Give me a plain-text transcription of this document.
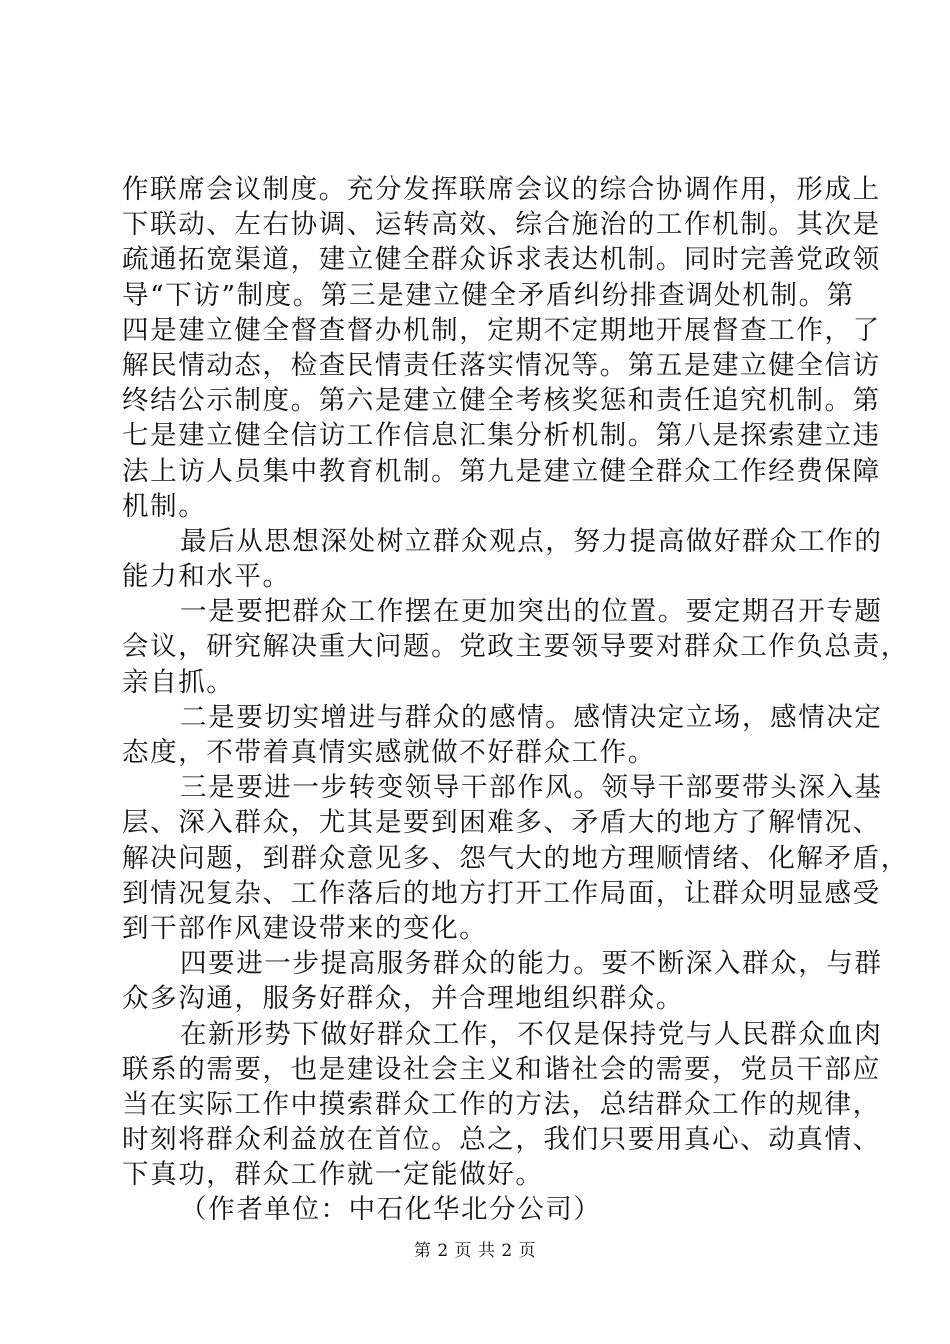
作联席会议制度。充分发挥联席会议的综合协调作用，形成上
下联动、左右协调、运转高效、综合施治的工作机制。其次是
疏通拓宽渠道，建立健全群众诉求表达机制。同时完善党政领
导“下访”制度。第三是建立健全矛盾纠纷排查调处机制。第
四是建立健全督查督办机制，定期不定期地开展督查工作，了
解民情动态，检查民情责任落实情况等。第五是建立健全信访
终结公示制度。第六是建立健全考核奖惩和责任追究机制。第
七是建立健全信访工作信息汇集分析机制。第八是探索建立违
法上访人员集中教育机制。第九是建立健全群众工作经费保障
机制。
最后从思想深处树立群众观点，努力提高做好群众工作的
能力和水平。
一是要把群众工作摆在更加突出的位置。要定期召开专题
会议，研究解决重大问题。党政主要领导要对群众工作负总责，
亲自抓。
二是要切实增进与群众的感情。感情决定立场，感情决定
态度，不带着真情实感就做不好群众工作。
三是要进一步转变领导干部作风。领导干部要带头深入基
层、深入群众，尤其是要到困难多、矛盾大的地方了解情况、
解决问题，到群众意见多、怨气大的地方理顺情绪、化解矛盾，
到情况复杂、工作落后的地方打开工作局面，让群众明显感受
到干部作风建设带来的变化。
四要进一步提高服务群众的能力。要不断深入群众，与群
众多沟通，服务好群众，并合理地组织群众。
在新形势下做好群众工作，不仅是保持党与人民群众血肉
联系的需要，也是建设社会主义和谐社会的需要，党员干部应
当在实际工作中摸索群众工作的方法，总结群众工作的规律，
时刻将群众利益放在首位。总之，我们只要用真心、动真情、
下真功，群众工作就一定能做好。
（作者单位：中石化华北分公司）
第 2 页 共 2 页
